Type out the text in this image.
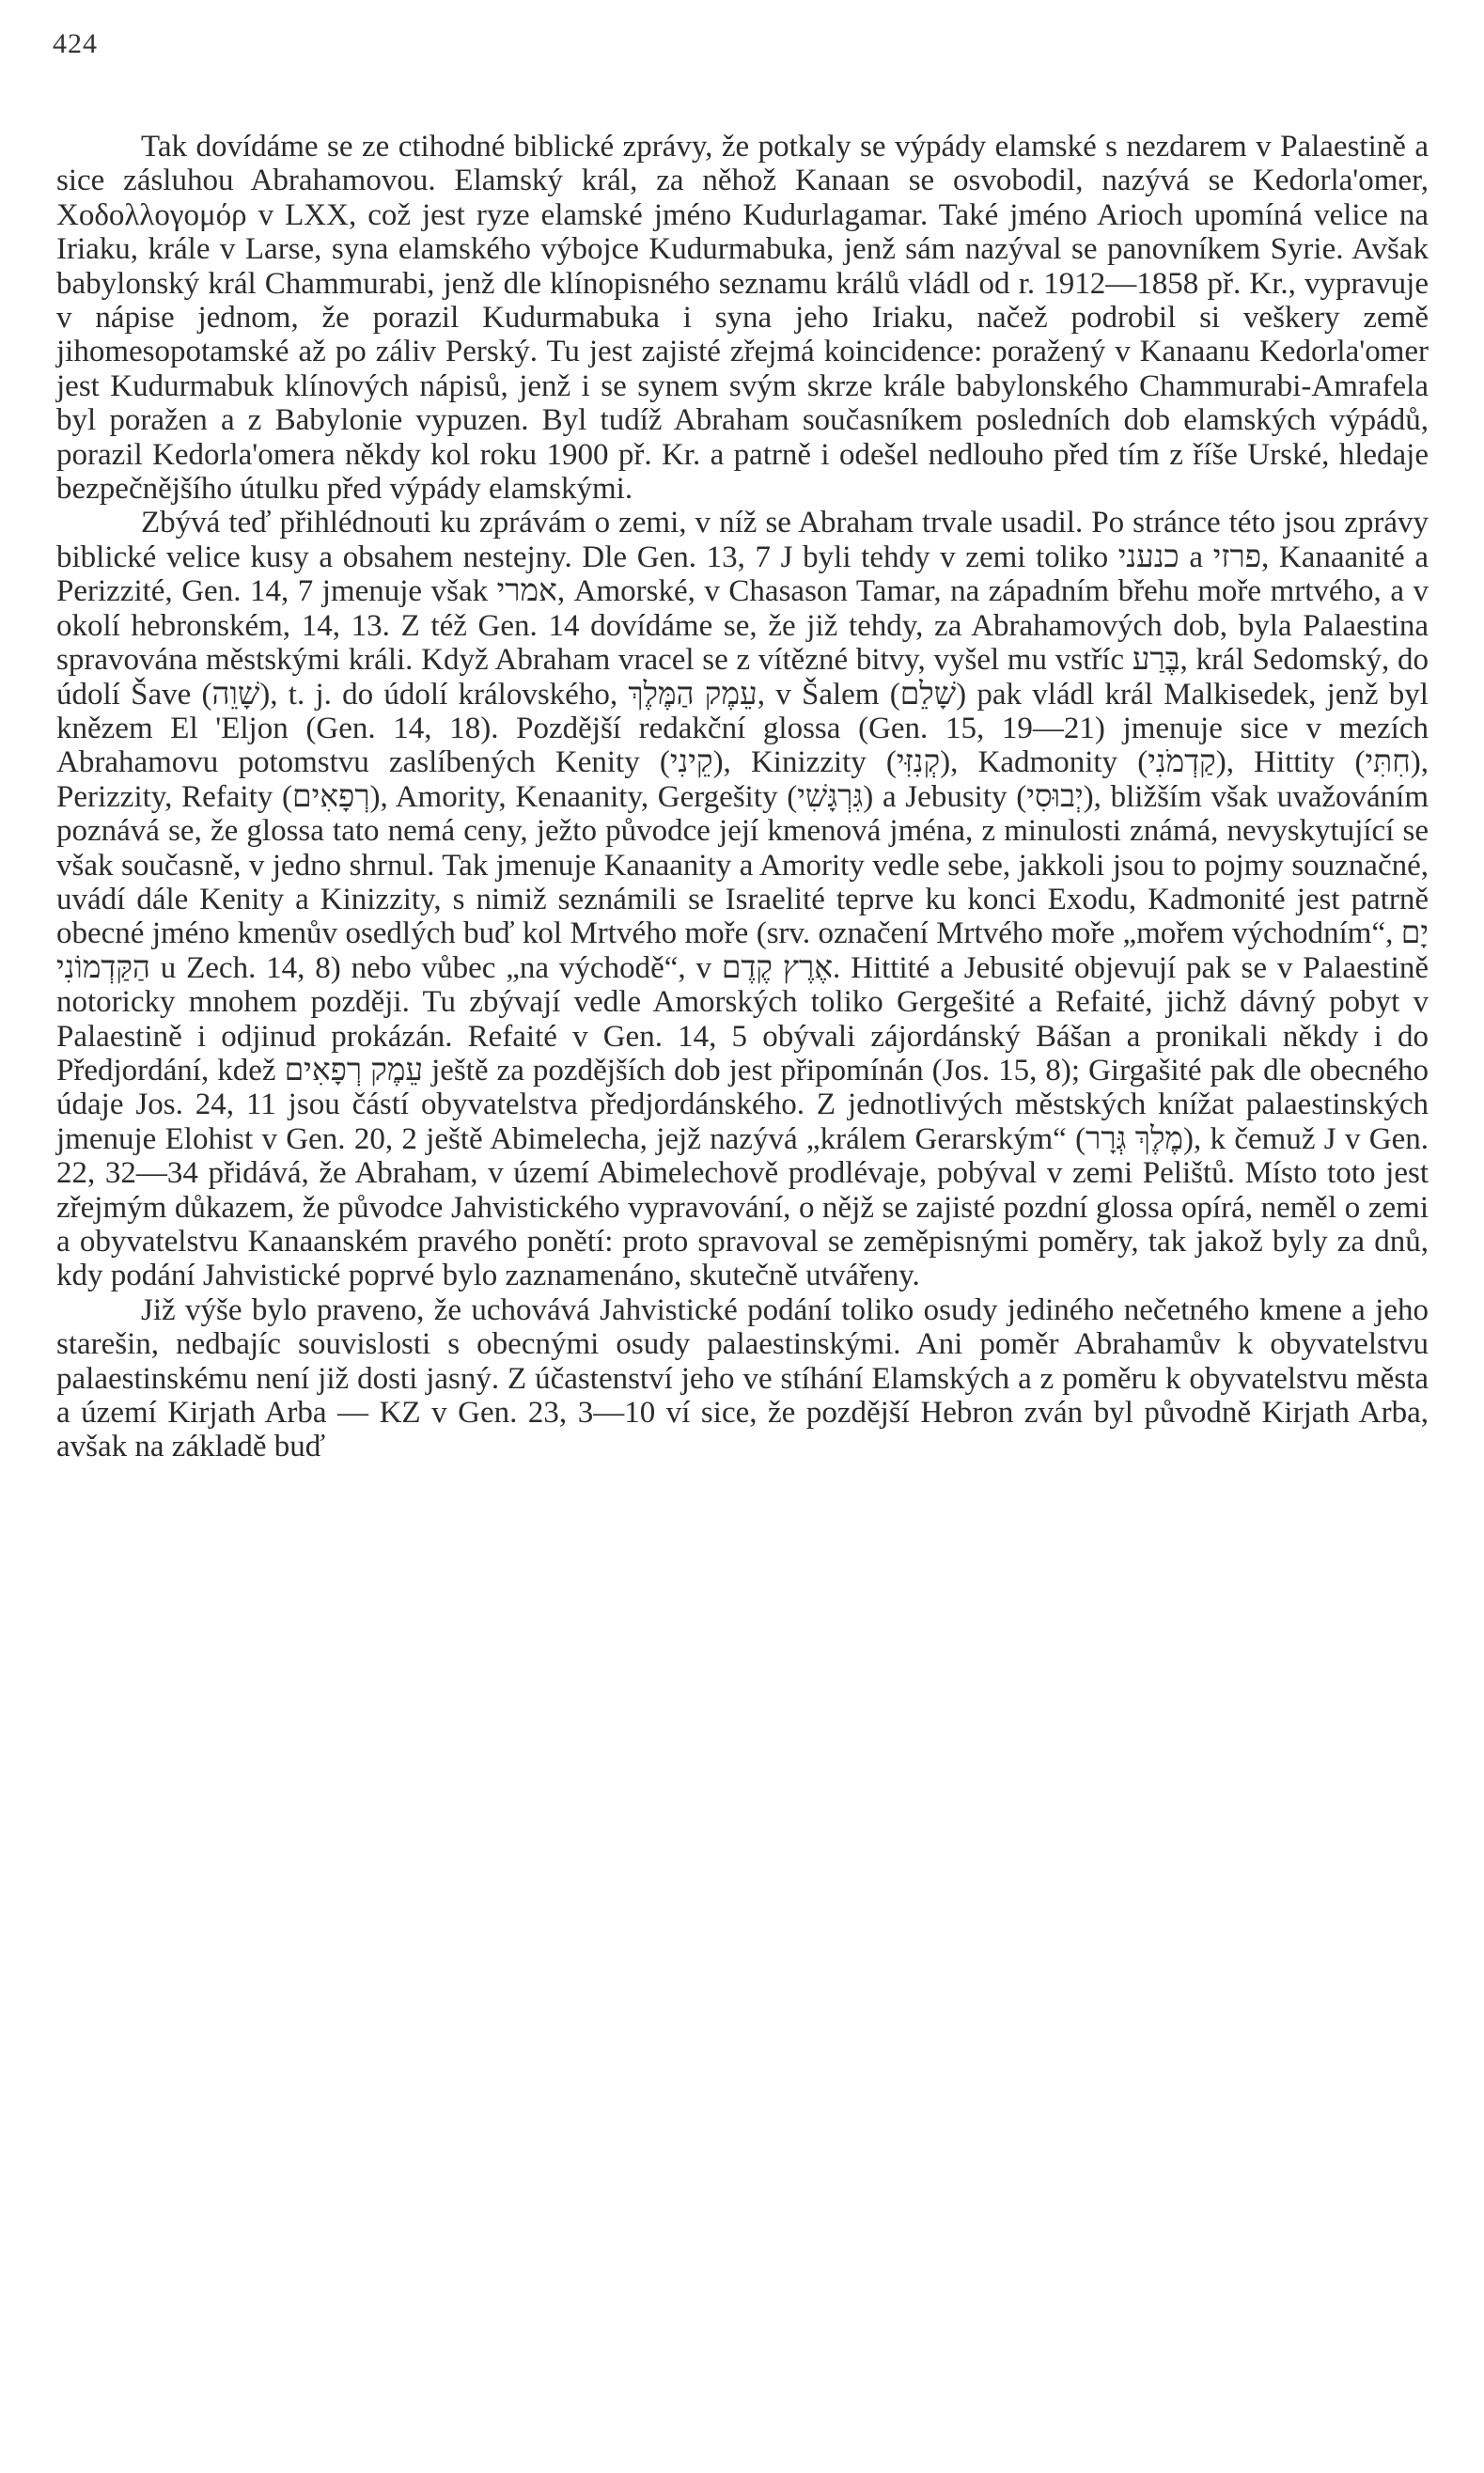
424

Tak dovídáme se ze ctihodné biblické zprávy, že potkaly se výpády elamské s nezdarem v Palaestině a sice zásluhou Abrahamovou. Elamský král, za něhož Kanaan se osvobodil, nazývá se Kedorla'omer, Χοδολλογομόρ v LXX, což jest ryze elamské jméno Kudurlagamar. Také jméno Arioch upomíná velice na Iriaku, krále v Larse, syna elamského výbojce Kudurmabuka, jenž sám nazýval se panovníkem Syrie. Avšak babylonský král Chammurabi, jenž dle klínopisného seznamu králů vládl od r. 1912—1858 př. Kr., vypravuje v nápise jednom, že porazil Kudurmabuka i syna jeho Iriaku, načež podrobil si veškery země jihomesopotamské až po záliv Perský. Tu jest zajisté zřejmá koincidence: poražený v Kanaanu Kedorla'omer jest Kudurmabuk klínových nápisů, jenž i se synem svým skrze krále babylonského Chammurabi-Amrafela byl poražen a z Babylonie vypuzen. Byl tudíž Abraham současníkem posledních dob elamských výpádů, porazil Kedorla'omera někdy kol roku 1900 př. Kr. a patrně i odešel nedlouho před tím z říše Urské, hledaje bezpečnějšího útulku před výpády elamskými.

Zbývá teď přihlédnouti ku zprávám o zemi, v níž se Abraham trvale usadil. Po stránce této jsou zprávy biblické velice kusy a obsahem nestejny. Dle Gen. 13, 7 J byli tehdy v zemi toliko כנעני a פרזי, Kanaanité a Perizzité, Gen. 14, 7 jmenuje však אמרי, Amorské, v Chasason Tamar, na západním břehu moře mrtvého, a v okolí hebronském, 14, 13. Z též Gen. 14 dovídáme se, že již tehdy, za Abrahamových dob, byla Palaestina spravována městskými králi. Když Abraham vracel se z vítězné bitvy, vyšel mu vstříc בֶּרַע, král Sedomský, do údolí Šave (שָׁוֵה), t. j. do údolí královského, עֵמֶק הַמֶּלֶךְ, v Šalem (שָׁלֵם) pak vládl král Malkisedek, jenž byl knězem El 'Eljon (Gen. 14, 18). Pozdější redakční glossa (Gen. 15, 19—21) jmenuje sice v mezích Abrahamovu potomstvu zaslíbených Kenity (קֵינִי), Kinizzity (קְנִזִּי), Kadmonity (קַדְמֹנִי), Hittity (חִתִּי), Perizzity, Refaity (רְפָאִים), Amority, Kenaanity, Gergešity (גִּרְגָּשִׁי) a Jebusity (יְבוּסִי), bližším však uvažováním poznává se, že glossa tato nemá ceny, ježto původce její kmenová jména, z minulosti známá, nevyskytující se však současně, v jedno shrnul. Tak jmenuje Kanaanity a Amority vedle sebe, jakkoli jsou to pojmy souznačné, uvádí dále Kenity a Kinizzity, s nimiž seznámili se Israelité teprve ku konci Exodu, Kadmonité jest patrně obecné jméno kmenův osedlých buď kol Mrtvého moře (srv. označení Mrtvého moře „mořem východním“, יָם הַקַּדְמוֹנִי u Zech. 14, 8) nebo vůbec „na východě“, v אֶרֶץ קֶדֶם. Hittité a Jebusité objevují pak se v Palaestině notoricky mnohem později. Tu zbývají vedle Amorských toliko Gergešité a Refaité, jichž dávný pobyt v Palaestině i odjinud prokázán. Refaité v Gen. 14, 5 obývali zájordánský Bášan a pronikali někdy i do Předjordání, kdež עֵמֶק רְפָאִים ještě za pozdějších dob jest připomínán (Jos. 15, 8); Girgašité pak dle obecného údaje Jos. 24, 11 jsou částí obyvatelstva předjordánského. Z jednotlivých městských knížat palaestinských jmenuje Elohist v Gen. 20, 2 ještě Abimelecha, jejž nazývá „králem Gerarským“ (מֶלֶךְ גְּרָר), k čemuž J v Gen. 22, 32—34 přidává, že Abraham, v území Abimelechově prodlévaje, pobýval v zemi Pelištů. Místo toto jest zřejmým důkazem, že původce Jahvistického vypravování, o nějž se zajisté pozdní glossa opírá, neměl o zemi a obyvatelstvu Kanaanském pravého ponětí: proto spravoval se zeměpisnými poměry, tak jakož byly za dnů, kdy podání Jahvistické poprvé bylo zaznamenáno, skutečně utvářeny.

Již výše bylo praveno, že uchovává Jahvistické podání toliko osudy jediného nečetného kmene a jeho starešin, nedbajíc souvislosti s obecnými osudy palaestinskými. Ani poměr Abrahamův k obyvatelstvu palaestinskému není již dosti jasný. Z účastenství jeho ve stíhání Elamských a z poměru k obyvatelstvu města a území Kirjath Arba — KZ v Gen. 23, 3—10 ví sice, že pozdější Hebron zván byl původně Kirjath Arba, avšak na základě buď
